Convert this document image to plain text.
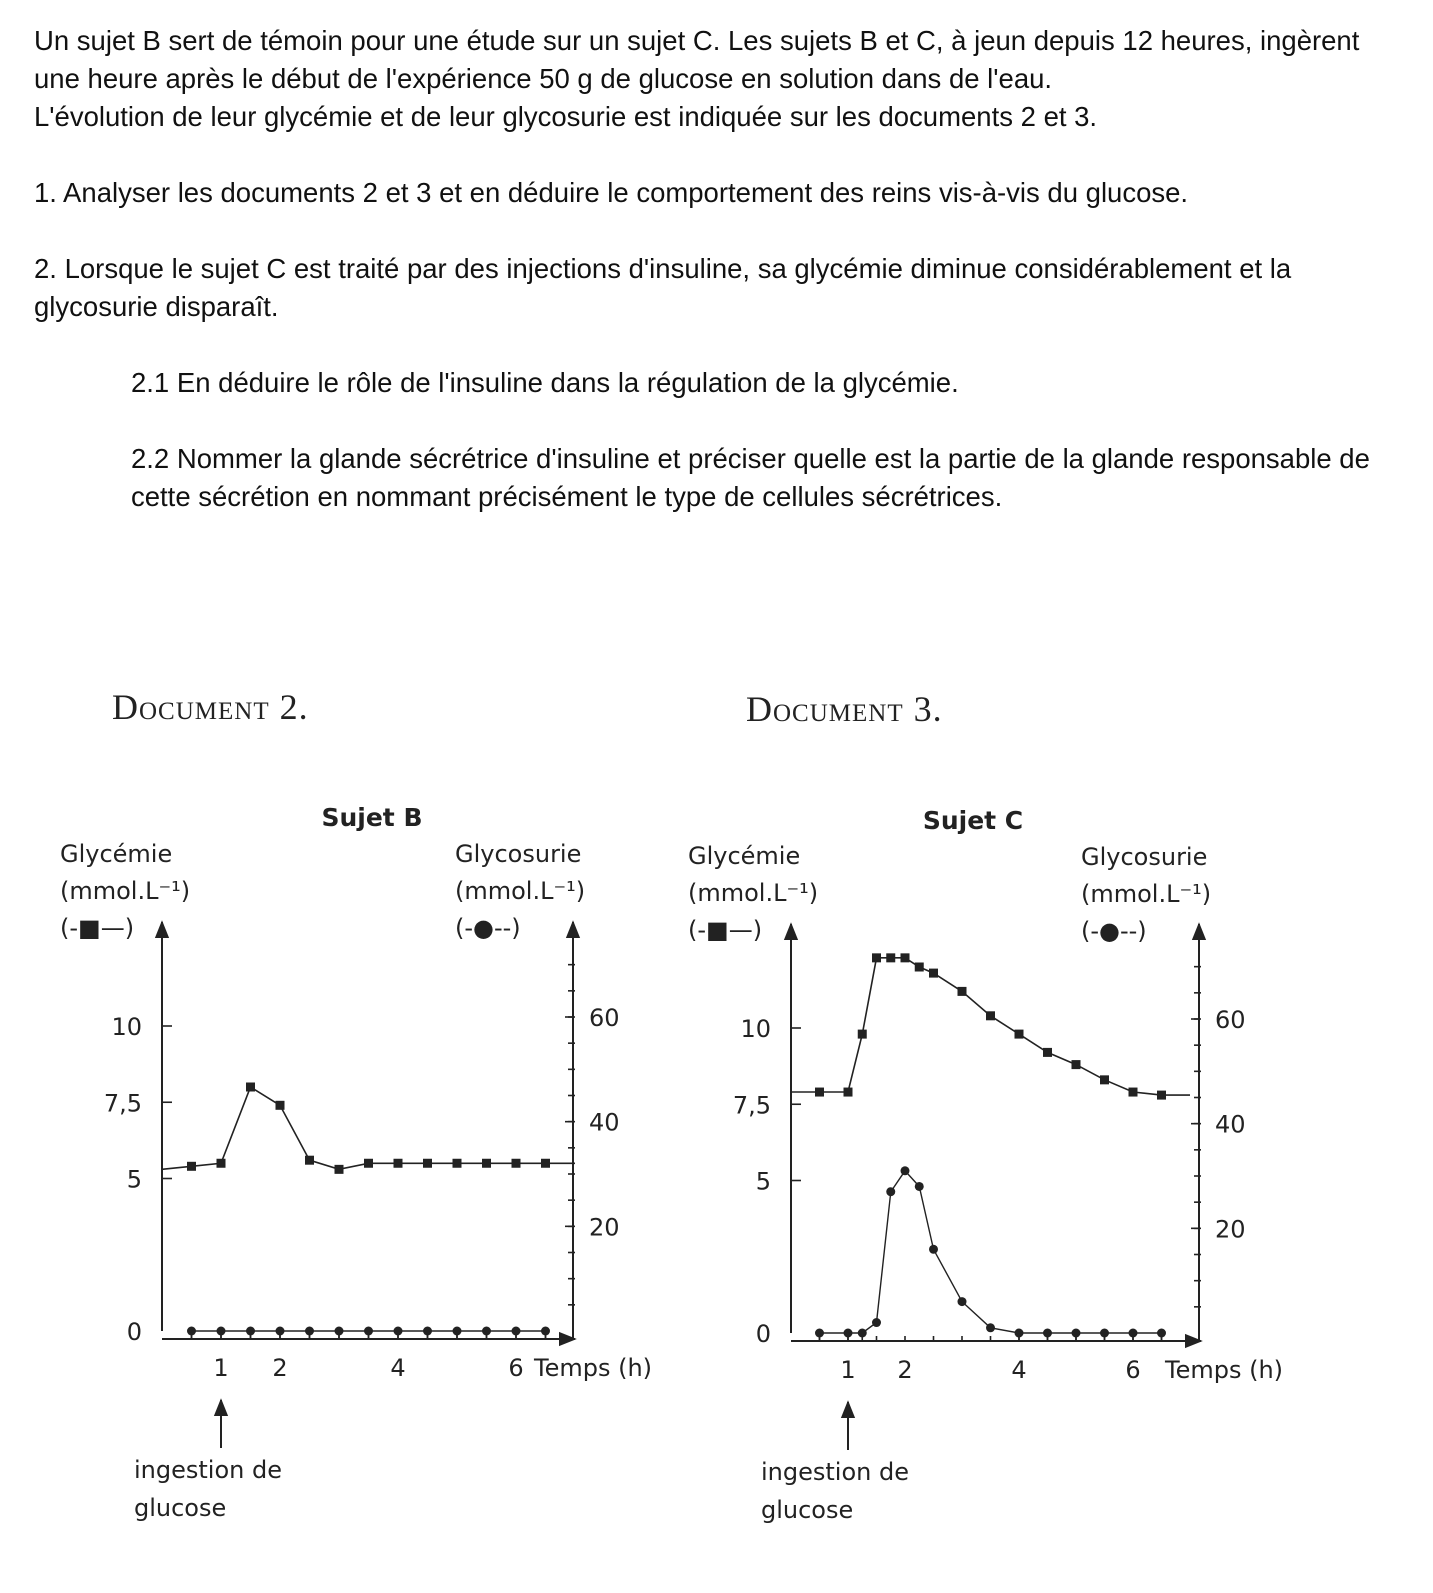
Un sujet B sert de témoin pour une étude sur un sujet C. Les sujets B et C, à jeun depuis 12 heures, ingèrent une heure après le début de l'expérience 50 g de glucose en solution dans de l'eau.

L'évolution de leur glycémie et de leur glycosurie est indiquée sur les documents 2 et 3.

1. Analyser les documents 2 et 3 et en déduire le comportement des reins vis-à-vis du glucose.

2. Lorsque le sujet C est traité par des injections d'insuline, sa glycémie diminue considérablement et la glycosurie disparaît.

2.1 En déduire le rôle de l'insuline dans la régulation de la glycémie.

2.2 Nommer la glande sécrétrice d'insuline et préciser quelle est la partie de la glande responsable de cette sécrétion en nommant précisément le type de cellules sécrétrices.

Document 2.	Document 3.
Sujet B
Glycémie
(mmol.L⁻¹)
(-■—)
Glycosurie
(mmol.L⁻¹)
(-●--)
0
5
7,5
10
20
40
60
1 2	4	6 Temps (h)
ingestion de
glucose
Sujet C
Glycémie
(mmol.L⁻¹)
(-■—)
Glycosurie
(mmol.L⁻¹)
(-●--)
0
5
7,5
10
20
40
60
1 2	4	6 Temps (h)
ingestion de
glucose
